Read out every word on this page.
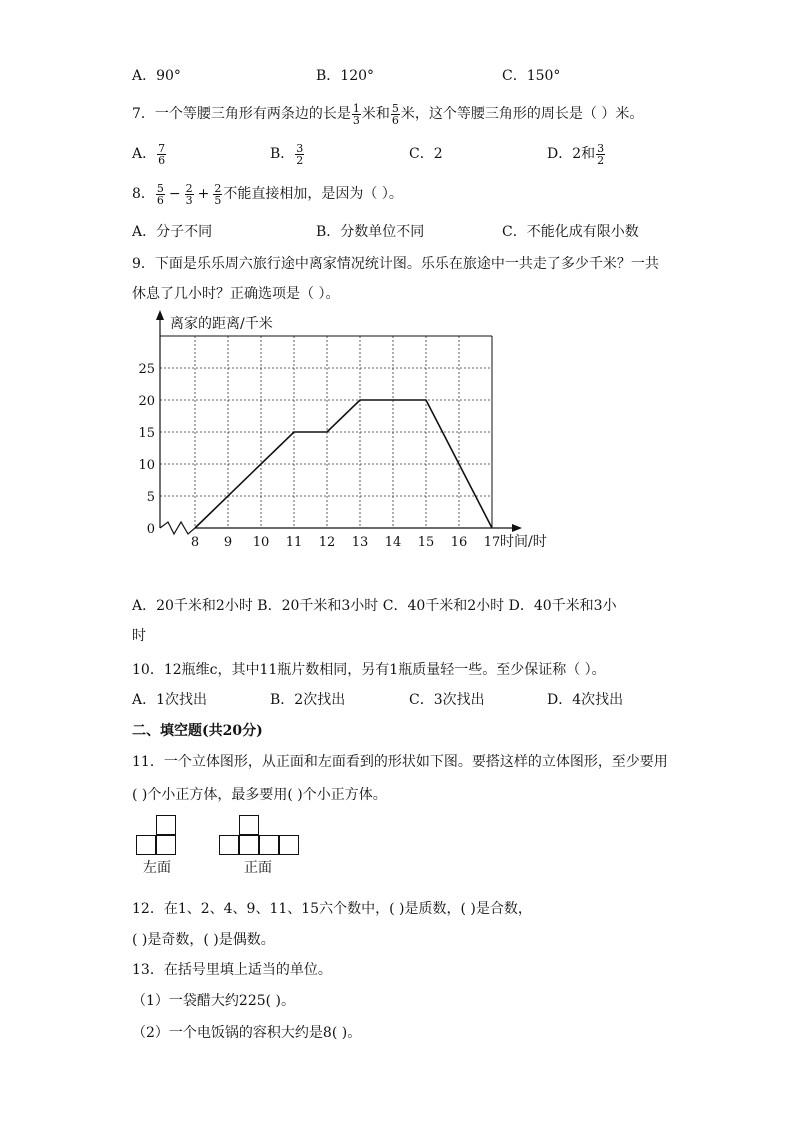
A．90°	B．120°	C．150°
7．一个等腰三角形有两条边的长是 $\frac{1}{3}$ 米和 $\frac{5}{6}$ 米，这个等腰三角形的周长是（ ）米。
A． $\frac{7}{6}$	B． $\frac{3}{2}$	C．2	D．2和 $\frac{3}{2}$
8． $\frac{5}{6} - \frac{2}{3} + \frac{2}{5}$ 不能直接相加，是因为（ ）。
A．分子不同	B．分数单位不同	C．不能化成有限小数
9．下面是乐乐周六旅行途中离家情况统计图。乐乐在旅途中一共走了多少千米？一共
休息了几小时？正确选项是（ ）。
离家的距离/千米
时间/时
8 9 10 11 12 13 14 15 16 17
0
5
10
15
20
25
A．20千米和2小时 B．20千米和3小时 C．40千米和2小时 D．40千米和3小
时
10．12瓶维c，其中11瓶片数相同，另有1瓶质量轻一些。至少保证称（ ）。
A．1次找出	B．2次找出	C．3次找出	D．4次找出
二、填空题(共20分)
11．一个立体图形，从正面和左面看到的形状如下图。要搭这样的立体图形，至少要用
( )个小正方体，最多要用( )个小正方体。
左面	正面
12．在1、2、4、9、11、15六个数中，( )是质数，( )是合数，
( )是奇数，( )是偶数。
13．在括号里填上适当的单位。
（1）一袋醋大约225( )。
（2）一个电饭锅的容积大约是8( )。
